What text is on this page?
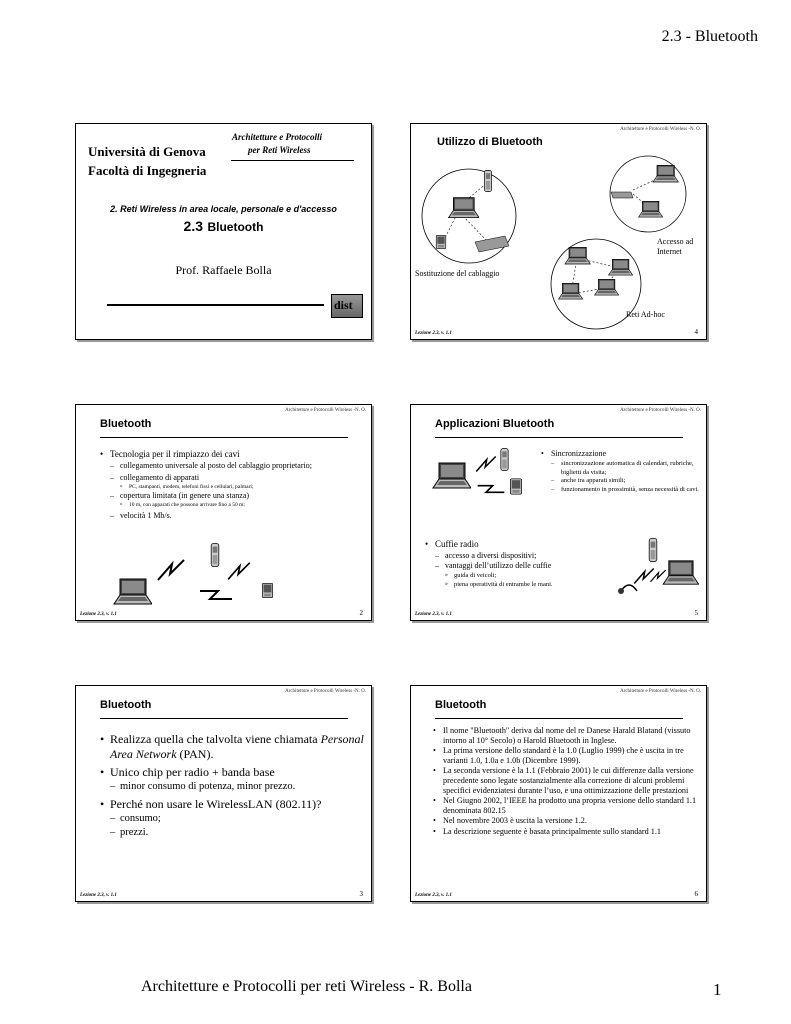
2.3 - Bluetooth
Architetture e Protocolli
per Reti Wireless
Università di Genova
Facoltà di Ingegneria
2. Reti Wireless in area locale, personale e d'accesso
2.3 Bluetooth
Prof. Raffaele Bolla
dist
Architetture e Protocolli Wireless -N. O.
Utilizzo di Bluetooth
Sostituzione del cablaggio
Accesso ad Internet
Reti Ad-hoc
Lezione 2.3, v. 1.1	4
Architetture e Protocolli Wireless -N. O.
Bluetooth
• Tecnologia per il rimpiazzo dei cavi
– collegamento universale al posto del cablaggio proprietario;
– collegamento di apparati
» PC, stampanti, modem, telefoni fissi e cellulari, palmari;
– copertura limitata (in genere una stanza)
» 10 m, con apparati che possono arrivare fino a 50 m;
– velocità 1 Mb/s.
Lezione 2.3, v. 1.1	2
Architetture e Protocolli Wireless -N. O.
Applicazioni Bluetooth
• Sincronizzazione
– sincronizzazione automatica di calendari, rubriche, biglietti da visita;
– anche tra apparati simili;
– funzionamento in prossimità, senza necessità di cavi.
• Cuffie radio
– accesso a diversi dispositivi;
– vantaggi dell’utilizzo delle cuffie
» guida di veicoli;
» piena operatività di entrambe le mani.
Lezione 2.3, v. 1.1	5
Architetture e Protocolli Wireless -N. O.
Bluetooth
• Realizza quella che talvolta viene chiamata Personal Area Network (PAN).
• Unico chip per radio + banda base
– minor consumo di potenza, minor prezzo.
• Perché non usare le WirelessLAN (802.11)?
– consumo;
– prezzi.
Lezione 2.3, v. 1.1	3
Architetture e Protocolli Wireless -N. O.
Bluetooth
• Il nome "Bluetooth" deriva dal nome del re Danese Harald Blatand (vissuto intorno al 10° Secolo) o Harold Bluetooth in Inglese.
• La prima versione dello standard è la 1.0 (Luglio 1999) che è uscita in tre varianti 1.0, 1.0a e 1.0b (Dicembre 1999).
• La seconda versione è la 1.1 (Febbraio 2001) le cui differenze dalla versione precedente sono legate sostanzialmente alla correzione di alcuni problemi specifici evidenziatesi durante l’uso, e una ottimizzazione delle prestazioni
• Nel Giugno 2002, l’IEEE ha prodotto una propria versione dello standard 1.1 denominata 802.15
• Nel novembre 2003 è uscita la versione 1.2.
• La descrizione seguente è basata principalmente sullo standard 1.1
Lezione 2.3, v. 1.1	6
Architetture e Protocolli per reti Wireless - R. Bolla	1
